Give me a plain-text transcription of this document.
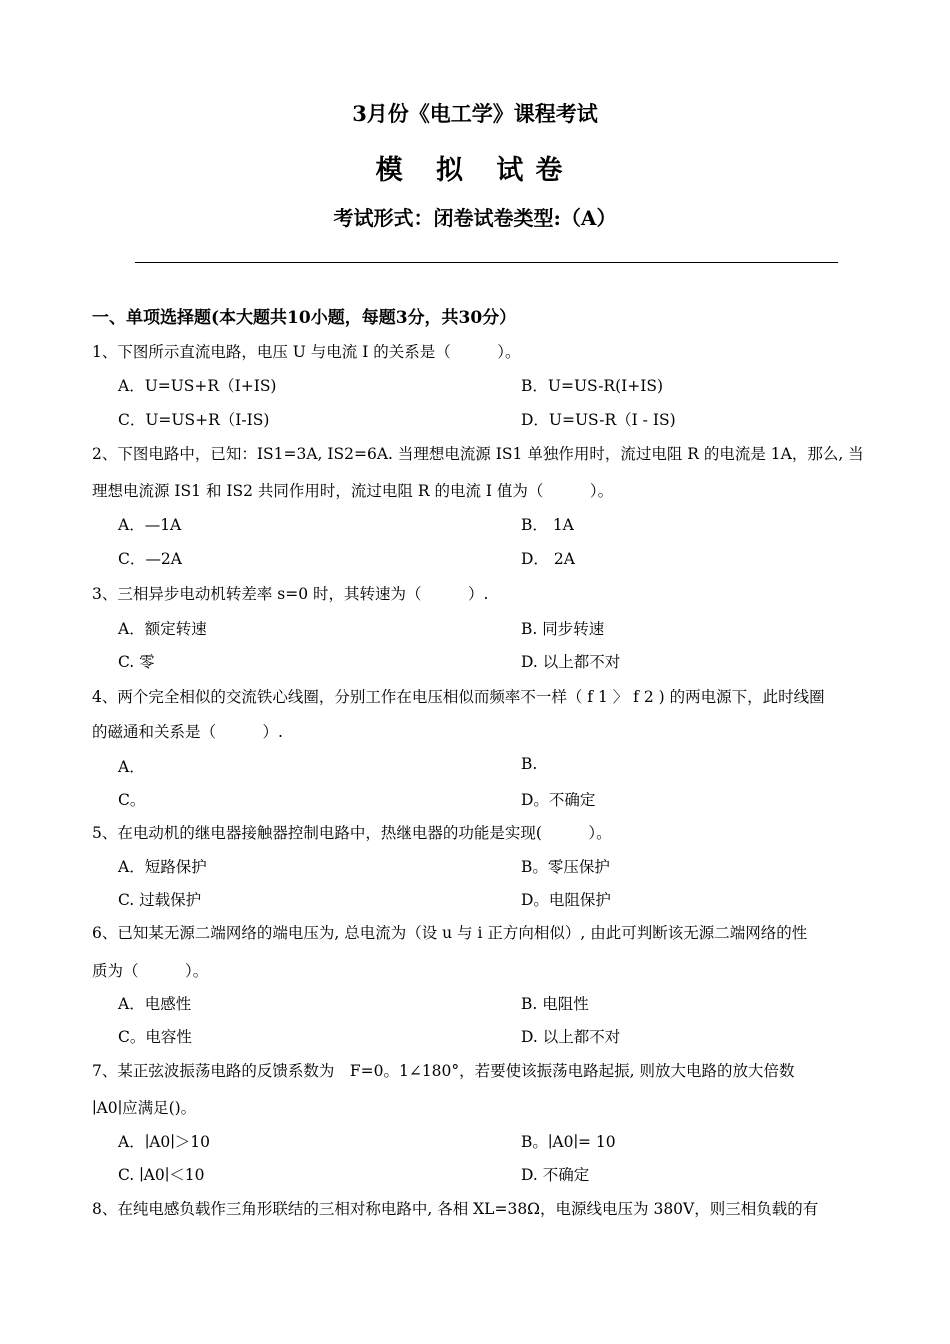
3月份《电工学》课程考试
模 拟 试卷
考试形式：闭卷试卷类型:（A）
一、单项选择题(本大题共10小题，每题3分，共30分）
1、下图所示直流电路，电压 U 与电流 I 的关系是（　　　）。
A．U=US+R（I+IS)	B．U=US-R(I+IS)
C．U=US+R（I-IS)	D．U=US-R（I - IS)
2、下图电路中，已知：IS1=3A, IS2=6A. 当理想电流源 IS1 单独作用时，流过电阻 R 的电流是 1A，那么, 当
理想电流源 IS1 和 IS2 共同作用时，流过电阻 R 的电流 I 值为（　　　）。
A．—1A	B． 1A
C．—2A	D． 2A
3、三相异步电动机转差率 s=0 时，其转速为（　　　）.
A．额定转速	B. 同步转速
C. 零	D. 以上都不对
4、两个完全相似的交流铁心线圈，分别工作在电压相似而频率不一样（ f 1 〉 f 2 ) 的两电源下，此时线圈
的磁通和关系是（　　　）.
A．	B.
C。	D。不确定
5、在电动机的继电器接触器控制电路中，热继电器的功能是实现(　　　）。
A．短路保护	B。零压保护
C. 过载保护	D。电阻保护
6、已知某无源二端网络的端电压为, 总电流为（设 u 与 i 正方向相似）, 由此可判断该无源二端网络的性
质为（　　　）。
A．电感性	B. 电阻性
C。电容性	D. 以上都不对
7、某正弦波振荡电路的反馈系数为　F=0。1∠180°，若要使该振荡电路起振, 则放大电路的放大倍数
∣A0∣应满足()。
A．∣A0∣＞10	B。∣A0∣= 10
C. ∣A0∣＜10	D. 不确定
8、在纯电感负载作三角形联结的三相对称电路中, 各相 XL=38Ω，电源线电压为 380V，则三相负载的有
